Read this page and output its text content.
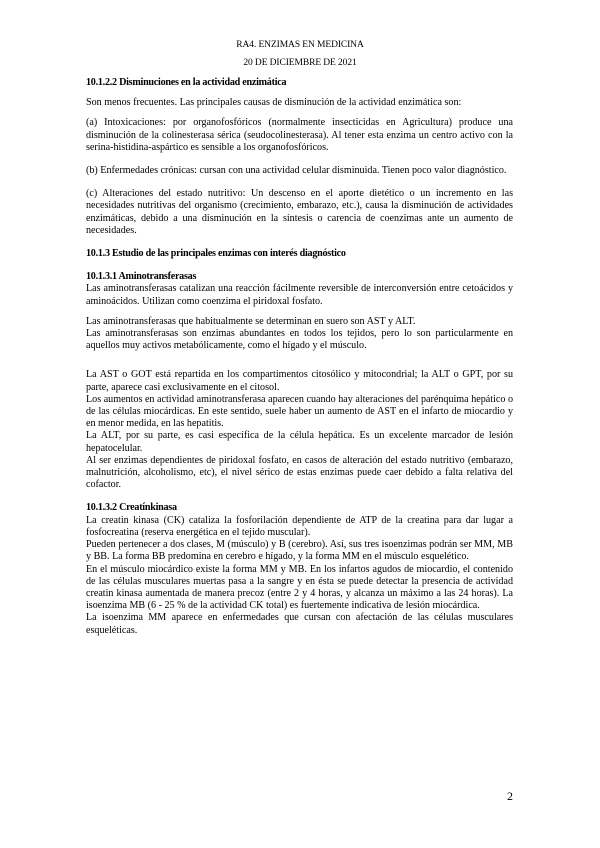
RA4. ENZIMAS EN MEDICINA
20 DE DICIEMBRE DE 2021

10.1.2.2 Disminuciones en la actividad enzimática

Son menos frecuentes. Las principales causas de disminución de la actividad enzimática son:

(a) Intoxicaciones: por organofosfóricos (normalmente insecticidas en Agricultura) produce una disminución de la colinesterasa sérica (seudocolinesterasa). Al tener esta enzima un centro activo con la serina-histidina-aspártico es sensible a los organofosfóricos.

(b) Enfermedades crónicas: cursan con una actividad celular disminuida. Tienen poco valor diagnóstico.

(c) Alteraciones del estado nutritivo: Un descenso en el aporte dietético o un incremento en las necesidades nutritivas del organismo (crecimiento, embarazo, etc.), causa la disminución de actividades enzimáticas, debido a una disminución en la síntesis o carencia de coenzimas ante un aumento de necesidades.

10.1.3 Estudio de las principales enzimas con interés diagnóstico

10.1.3.1 Aminotransferasas

Las aminotransferasas catalizan una reacción fácilmente reversible de interconversión entre cetoácidos y aminoácidos. Utilizan como coenzima el piridoxal fosfato.

Las aminotransferasas que habitualmente se determinan en suero son AST y ALT.

Las aminotransferasas son enzimas abundantes en todos los tejidos, pero lo son particularmente en aquellos muy activos metabólicamente, como el hígado y el músculo.

La AST o GOT está repartida en los compartimentos citosólico y mitocondrial; la ALT o GPT, por su parte, aparece casi exclusivamente en el citosol.

Los aumentos en actividad aminotransferasa aparecen cuando hay alteraciones del parénquima hepático o de las células miocárdicas. En este sentido, suele haber un aumento de AST en el infarto de miocardio y en menor medida, en las hepatitis.

La ALT, por su parte, es casi específica de la célula hepática. Es un excelente marcador de lesión hepatocelular.

Al ser enzimas dependientes de piridoxal fosfato, en casos de alteración del estado nutritivo (embarazo, malnutrición, alcoholismo, etc), el nivel sérico de estas enzimas puede caer debido a falta relativa del cofactor.

10.1.3.2 Creatínkinasa

La creatin kinasa (CK) cataliza la fosforilación dependiente de ATP de la creatina para dar lugar a fosfocreatina (reserva energética en el tejido muscular).

Pueden pertenecer a dos clases, M (músculo) y B (cerebro). Así, sus tres isoenzimas podrán ser MM, MB y BB. La forma BB predomina en cerebro e hígado, y la forma MM en el músculo esquelético.

En el músculo miocárdico existe la forma MM y MB. En los infartos agudos de miocardio, el contenido de las células musculares muertas pasa a la sangre y en ésta se puede detectar la presencia de actividad creatin kinasa aumentada de manera precoz (entre 2 y 4 horas, y alcanza un máximo a las 24 horas). La isoenzima MB (6 - 25 % de la actividad CK total) es fuertemente indicativa de lesión miocárdica.

La isoenzima MM aparece en enfermedades que cursan con afectación de las células musculares esqueléticas.

2
